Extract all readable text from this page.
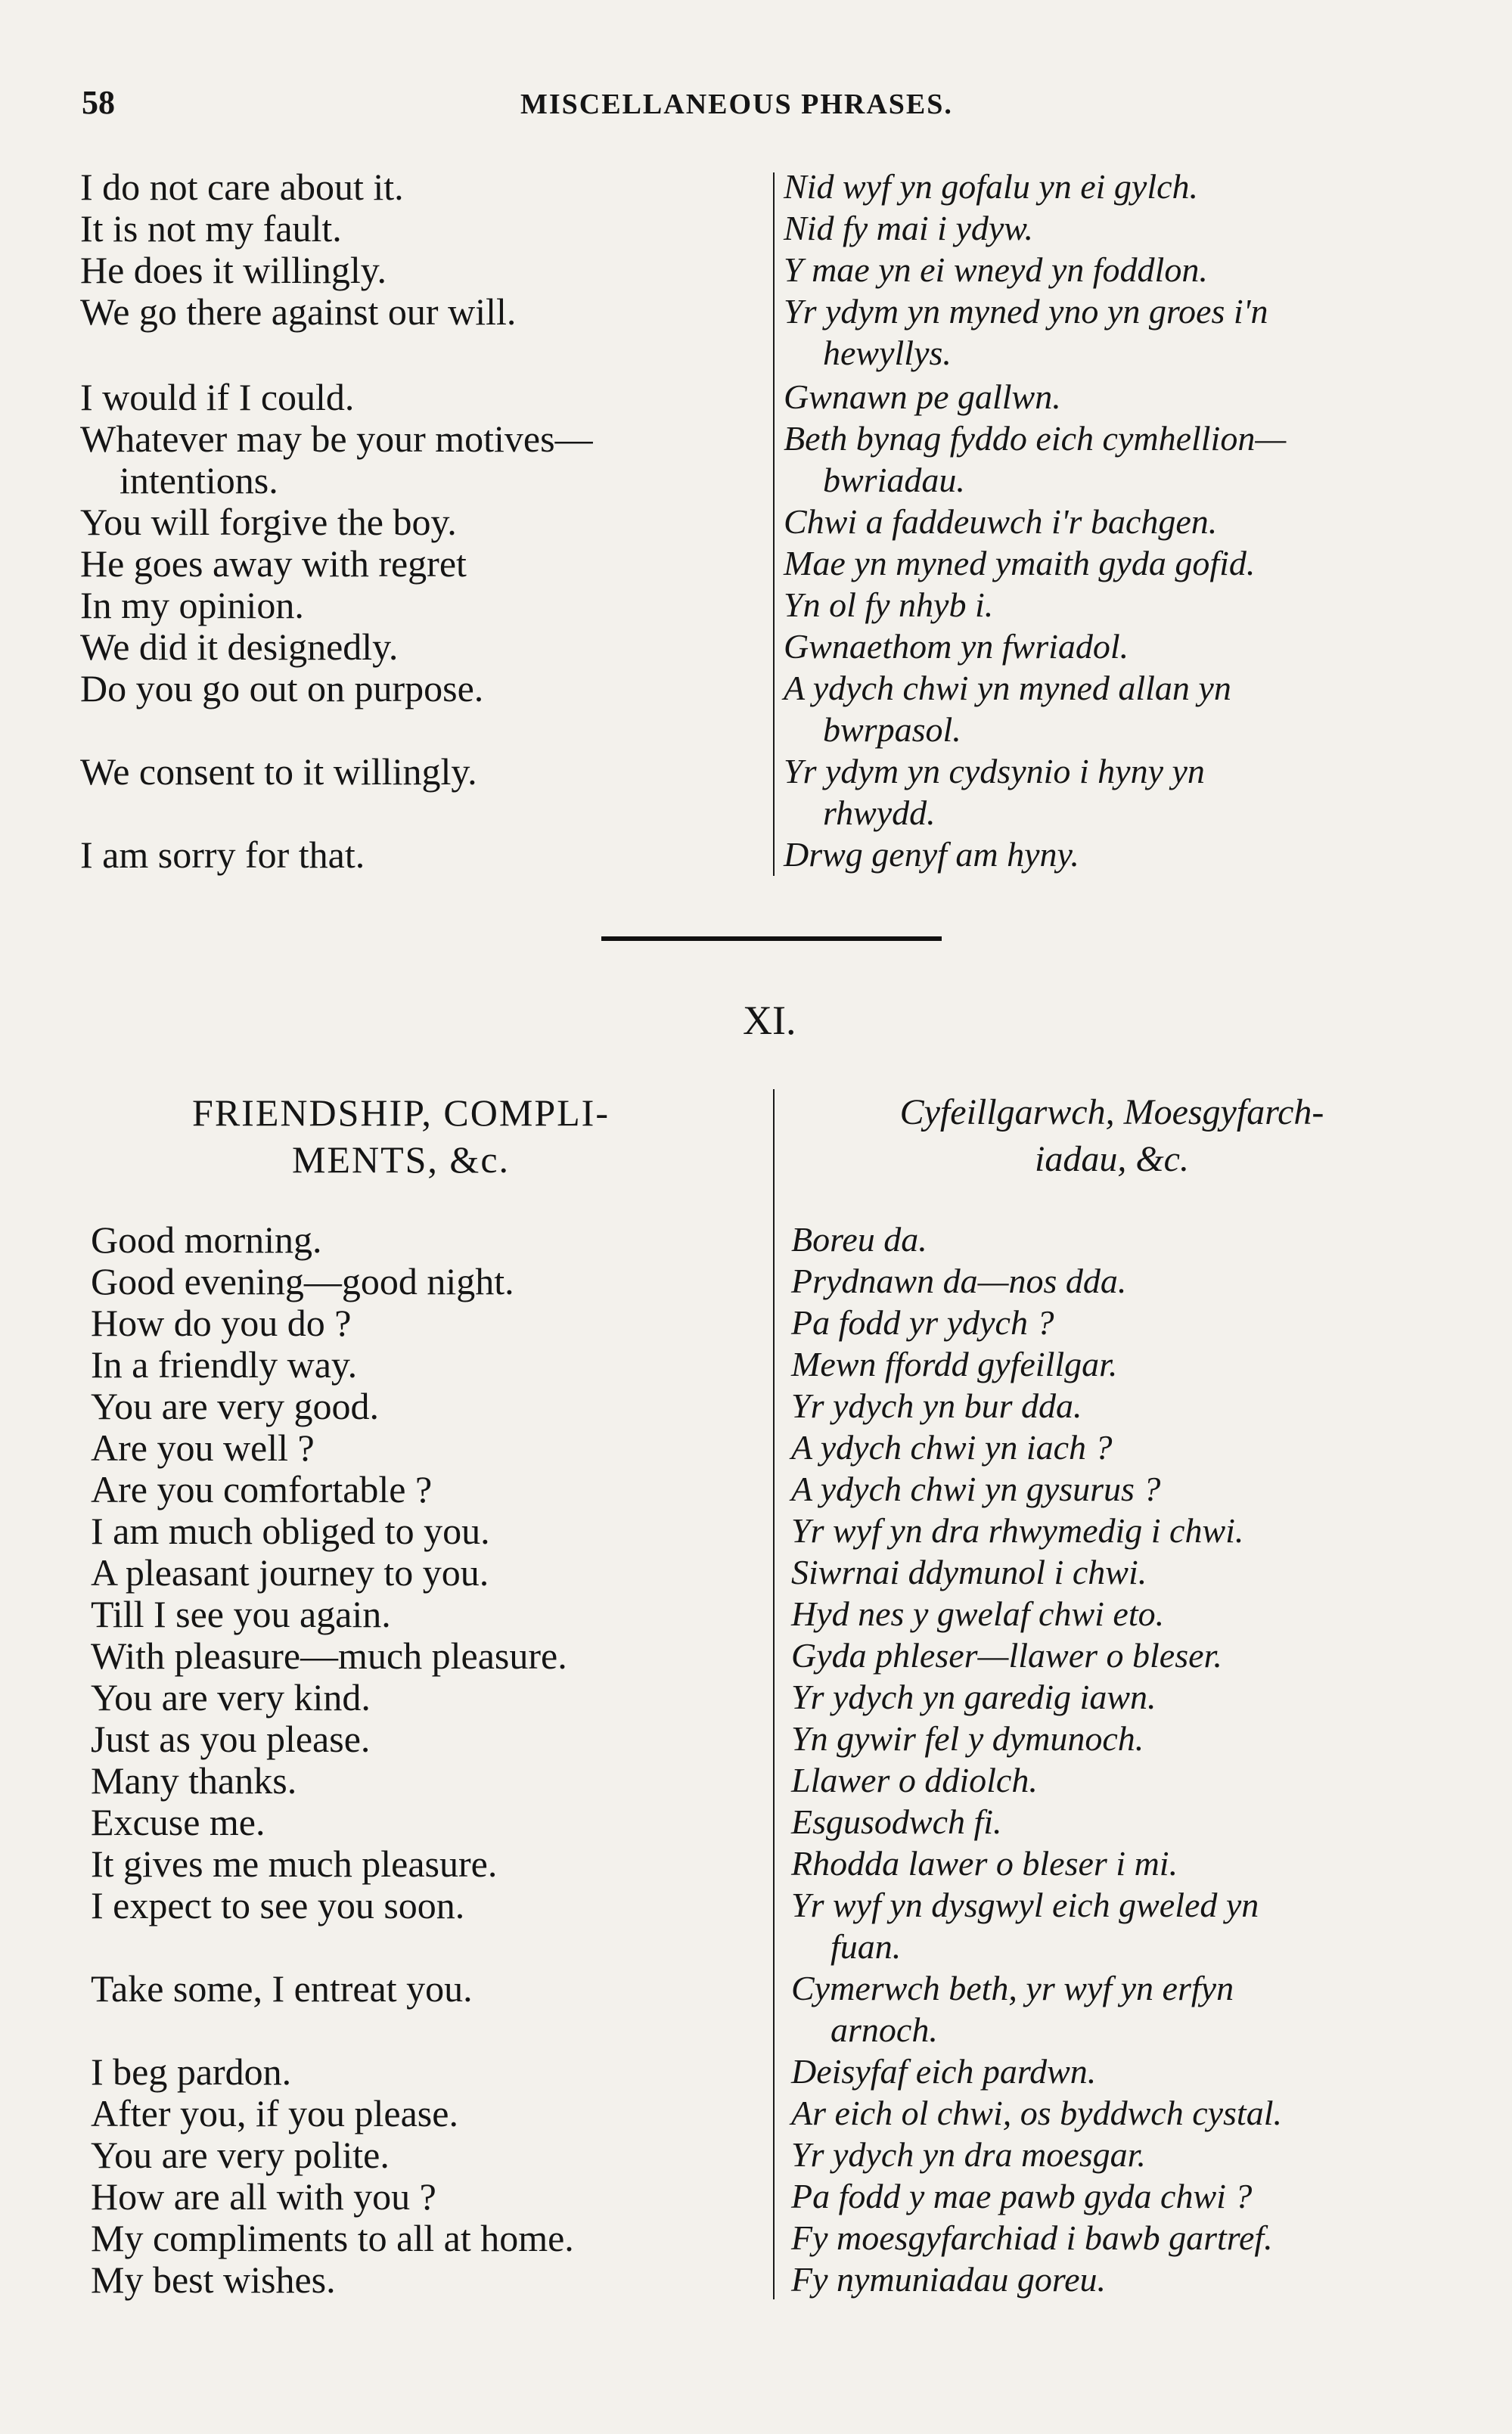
58	MISCELLANEOUS PHRASES.
I do not care about it.
It is not my fault.
He does it willingly.
We go there against our will.
I would if I could.
Whatever may be your motives—
intentions.
You will forgive the boy.
He goes away with regret
In my opinion.
We did it designedly.
Do you go out on purpose.
We consent to it willingly.
I am sorry for that.
Nid wyf yn gofalu yn ei gylch.
Nid fy mai i ydyw.
Y mae yn ei wneyd yn foddlon.
Yr ydym yn myned yno yn groes i'n
hewyllys.
Gwnawn pe gallwn.
Beth bynag fyddo eich cymhellion—
bwriadau.
Chwi a faddeuwch i'r bachgen.
Mae yn myned ymaith gyda gofid.
Yn ol fy nhyb i.
Gwnaethom yn fwriadol.
A ydych chwi yn myned allan yn
bwrpasol.
Yr ydym yn cydsynio i hyny yn
rhwydd.
Drwg genyf am hyny.
XI.
FRIENDSHIP, COMPLI-
MENTS, &c.
Cyfeillgarwch, Moesgyfarch-
iadau, &c.
Good morning.
Good evening—good night.
How do you do ?
In a friendly way.
You are very good.
Are you well ?
Are you comfortable ?
I am much obliged to you.
A pleasant journey to you.
Till I see you again.
With pleasure—much pleasure.
You are very kind.
Just as you please.
Many thanks.
Excuse me.
It gives me much pleasure.
I expect to see you soon.
Take some, I entreat you.
I beg pardon.
After you, if you please.
You are very polite.
How are all with you ?
My compliments to all at home.
My best wishes.
Boreu da.
Prydnawn da—nos dda.
Pa fodd yr ydych ?
Mewn ffordd gyfeillgar.
Yr ydych yn bur dda.
A ydych chwi yn iach ?
A ydych chwi yn gysurus ?
Yr wyf yn dra rhwymedig i chwi.
Siwrnai ddymunol i chwi.
Hyd nes y gwelaf chwi eto.
Gyda phleser—llawer o bleser.
Yr ydych yn garedig iawn.
Yn gywir fel y dymunoch.
Llawer o ddiolch.
Esgusodwch fi.
Rhodda lawer o bleser i mi.
Yr wyf yn dysgwyl eich gweled yn
fuan.
Cymerwch beth, yr wyf yn erfyn
arnoch.
Deisyfaf eich pardwn.
Ar eich ol chwi, os byddwch cystal.
Yr ydych yn dra moesgar.
Pa fodd y mae pawb gyda chwi ?
Fy moesgyfarchiad i bawb gartref.
Fy nymuniadau goreu.
